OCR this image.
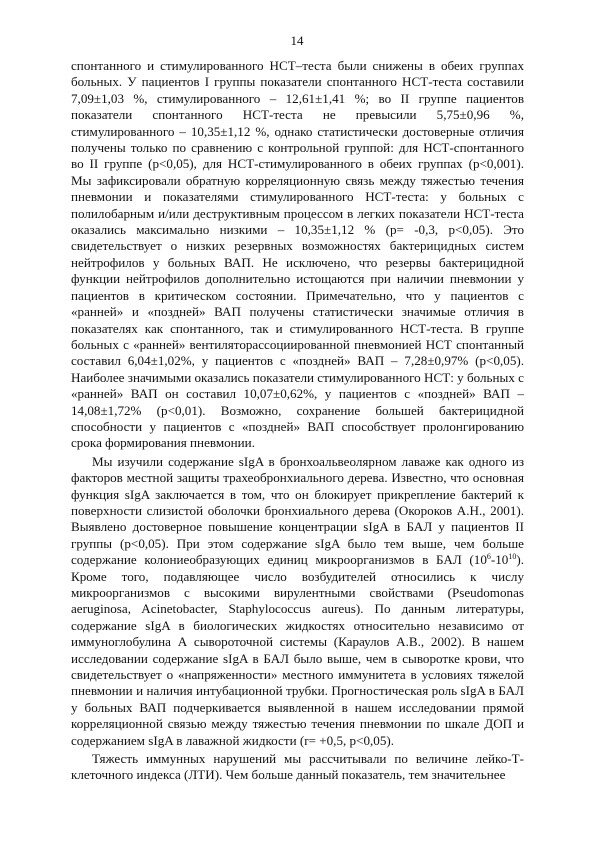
14

спонтанного и стимулированного НСТ–теста были снижены в обеих группах больных. У пациентов I группы показатели спонтанного НСТ-теста составили 7,09±1,03 %, стимулированного – 12,61±1,41 %; во II группе пациентов показатели спонтанного НСТ-теста не превысили 5,75±0,96 %, стимулированного – 10,35±1,12 %, однако статистически достоверные отличия получены только по сравнению с контрольной группой: для НСТ-спонтанного во II группе (р<0,05), для НСТ-стимулированного в обеих группах (р<0,001). Мы зафиксировали обратную корреляционную связь между тяжестью течения пневмонии и показателями стимулированного НСТ-теста: у больных с полилобарным и/или деструктивным процессом в легких показатели НСТ-теста оказались максимально низкими – 10,35±1,12 % (р= -0,3, р<0,05). Это свидетельствует о низких резервных возможностях бактерицидных систем нейтрофилов у больных ВАП. Не исключено, что резервы бактерицидной функции нейтрофилов дополнительно истощаются при наличии пневмонии у пациентов в критическом состоянии. Примечательно, что у пациентов с «ранней» и «поздней» ВАП получены статистически значимые отличия в показателях как спонтанного, так и стимулированного НСТ-теста. В группе больных с «ранней» вентиляторассоциированной пневмонией НСТ спонтанный составил 6,04±1,02%, у пациентов с «поздней» ВАП – 7,28±0,97% (р<0,05). Наиболее значимыми оказались показатели стимулированного НСТ: у больных с «ранней» ВАП он составил 10,07±0,62%, у пациентов с «поздней» ВАП – 14,08±1,72% (р<0,01). Возможно, сохранение большей бактерицидной способности у пациентов с «поздней» ВАП способствует пролонгированию срока формирования пневмонии.

Мы изучили содержание sIgA в бронхоальвеолярном лаваже как одного из факторов местной защиты трахеобронхиального дерева. Известно, что основная функция sIgA заключается в том, что он блокирует прикрепление бактерий к поверхности слизистой оболочки бронхиального дерева (Окороков А.Н., 2001). Выявлено достоверное повышение концентрации sIgA в БАЛ у пациентов II группы (р<0,05). При этом содержание sIgA было тем выше, чем больше содержание колониеобразующих единиц микроорганизмов в БАЛ $(10^6-10^{10})$. Кроме того, подавляющее число возбудителей относились к числу микроорганизмов с высокими вирулентными свойствами (Pseudomonas aeruginosa, Acinetobacter, Staphylococcus aureus). По данным литературы, содержание sIgA в биологических жидкостях относительно независимо от иммуноглобулина А сывороточной системы (Караулов А.В., 2002). В нашем исследовании содержание sIgA в БАЛ было выше, чем в сыворотке крови, что свидетельствует о «напряженности» местного иммунитета в условиях тяжелой пневмонии и наличия интубационной трубки. Прогностическая роль sIgA в БАЛ у больных ВАП подчеркивается выявленной в нашем исследовании прямой корреляционной связью между тяжестью течения пневмонии по шкале ДОП и содержанием sIgA в лаважной жидкости (r= +0,5, р<0,05).

Тяжесть иммунных нарушений мы рассчитывали по величине лейко-Т-клеточного индекса (ЛТИ). Чем больше данный показатель, тем значительнее
